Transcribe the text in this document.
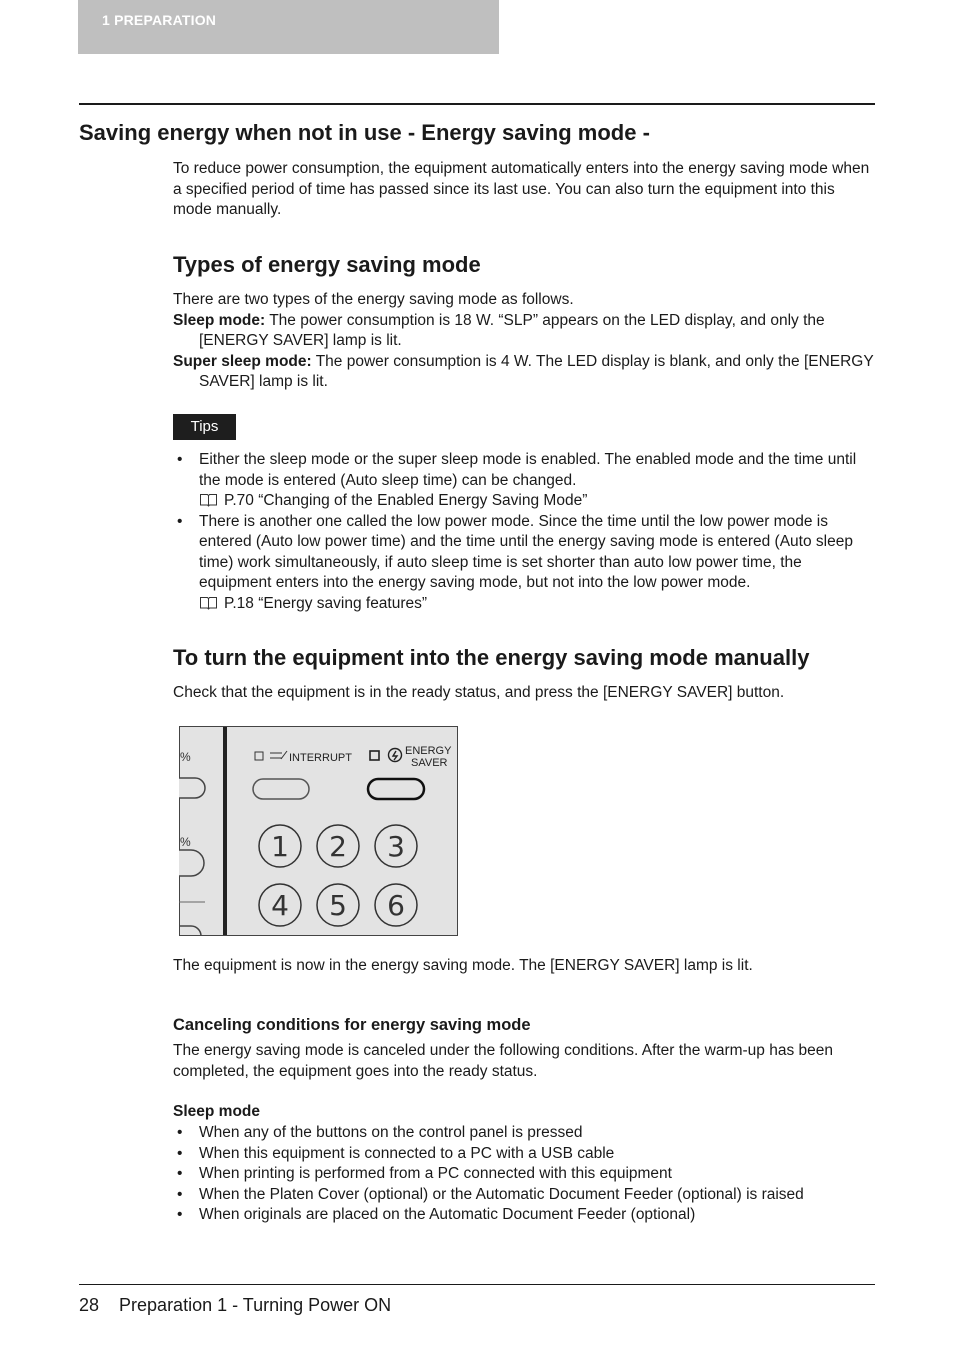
1 PREPARATION
Saving energy when not in use - Energy saving mode -
To reduce power consumption, the equipment automatically enters into the energy saving mode when a specified period of time has passed since its last use. You can also turn the equipment into this mode manually.
Types of energy saving mode
There are two types of the energy saving mode as follows.
Sleep mode: The power consumption is 18 W. “SLP” appears on the LED display, and only the [ENERGY SAVER] lamp is lit.
Super sleep mode: The power consumption is 4 W. The LED display is blank, and only the [ENERGY SAVER] lamp is lit.
Tips
• Either the sleep mode or the super sleep mode is enabled. The enabled mode and the time until the mode is entered (Auto sleep time) can be changed.
P.70 “Changing of the Enabled Energy Saving Mode”
• There is another one called the low power mode. Since the time until the low power mode is entered (Auto low power time) and the time until the energy saving mode is entered (Auto sleep time) work simultaneously, if auto sleep time is set shorter than auto low power time, the equipment enters into the energy saving mode, but not into the low power mode.
P.18 “Energy saving features”
To turn the equipment into the energy saving mode manually
Check that the equipment is in the ready status, and press the [ENERGY SAVER] button.
%
%
INTERRUPT
ENERGY
SAVER
1 2 3
4 5 6
The equipment is now in the energy saving mode. The [ENERGY SAVER] lamp is lit.
Canceling conditions for energy saving mode
The energy saving mode is canceled under the following conditions. After the warm-up has been completed, the equipment goes into the ready status.
Sleep mode
• When any of the buttons on the control panel is pressed
• When this equipment is connected to a PC with a USB cable
• When printing is performed from a PC connected with this equipment
• When the Platen Cover (optional) or the Automatic Document Feeder (optional) is raised
• When originals are placed on the Automatic Document Feeder (optional)
28 Preparation 1 - Turning Power ON
